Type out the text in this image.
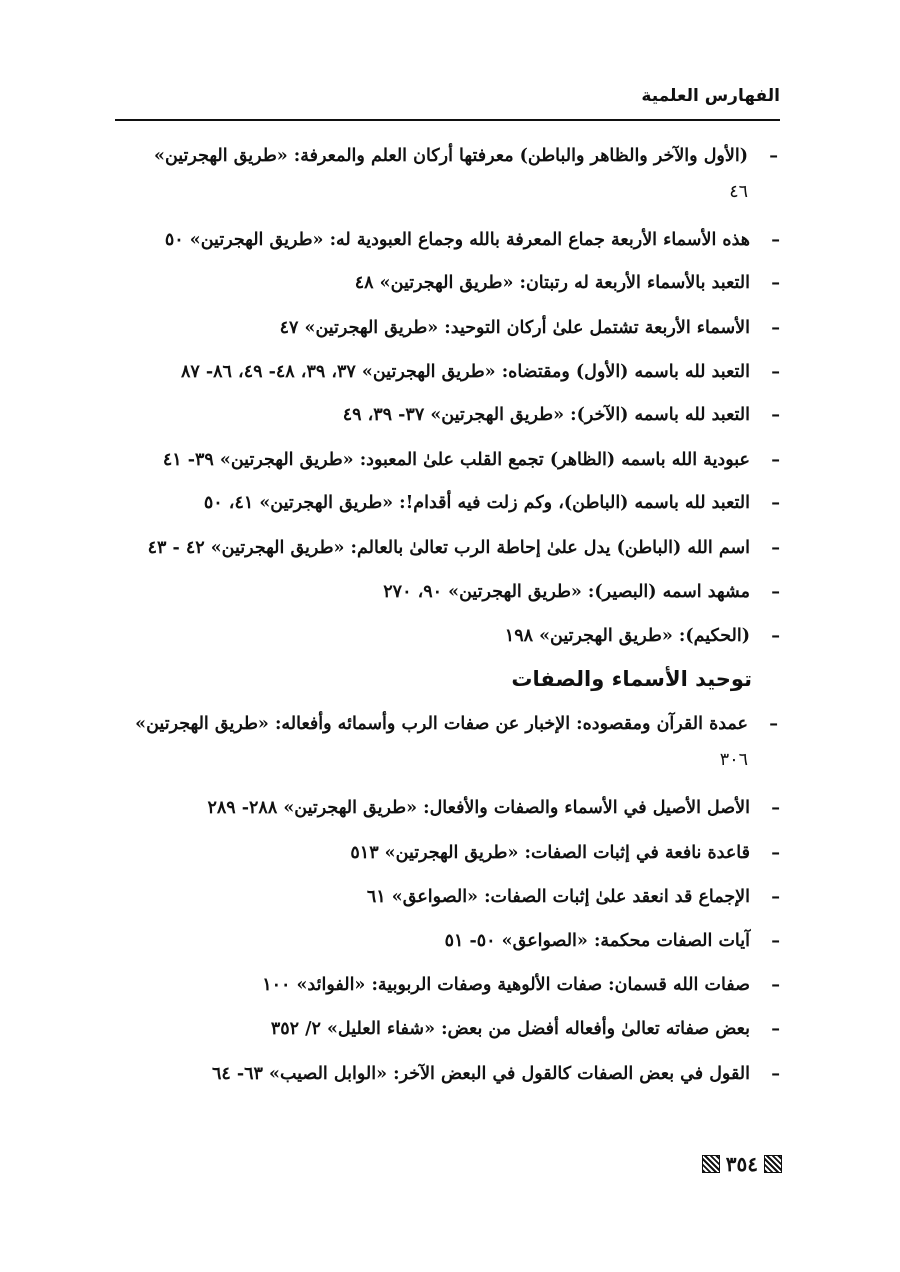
الفهارس العلمية
–
(الأول والآخر والظاهر والباطن) معرفتها أركان العلم والمعرفة: «طريق الهجرتين»
٤٦
–هذه الأسماء الأربعة جماع المعرفة بالله وجماع العبودية له: «طريق الهجرتين» ٥٠
–التعبد بالأسماء الأربعة له رتبتان: «طريق الهجرتين» ٤٨
–الأسماء الأربعة تشتمل علىٰ أركان التوحيد: «طريق الهجرتين» ٤٧
–التعبد لله باسمه (الأول) ومقتضاه: «طريق الهجرتين» ٣٧، ٣٩، ٤٨- ٤٩، ٨٦- ٨٧
–التعبد لله باسمه (الآخر): «طريق الهجرتين» ٣٧- ٣٩، ٤٩
–عبودية الله باسمه (الظاهر) تجمع القلب علىٰ المعبود: «طريق الهجرتين» ٣٩- ٤١
–التعبد لله باسمه (الباطن)، وكم زلت فيه أقدام!: «طريق الهجرتين» ٤١، ٥٠
–اسم الله (الباطن) يدل علىٰ إحاطة الرب تعالىٰ بالعالم: «طريق الهجرتين» ٤٢ - ٤٣
–مشهد اسمه (البصير): «طريق الهجرتين» ٩٠، ٢٧٠
–(الحكيم): «طريق الهجرتين» ١٩٨
توحيد الأسماء والصفات
–
عمدة القرآن ومقصوده: الإخبار عن صفات الرب وأسمائه وأفعاله: «طريق الهجرتين»
٣٠٦
–الأصل الأصيل في الأسماء والصفات والأفعال: «طريق الهجرتين» ٢٨٨- ٢٨٩
–قاعدة نافعة في إثبات الصفات: «طريق الهجرتين» ٥١٣
–الإجماع قد انعقد علىٰ إثبات الصفات: «الصواعق» ٦١
–آيات الصفات محكمة: «الصواعق» ٥٠- ٥١
–صفات الله قسمان: صفات الألوهية وصفات الربوبية: «الفوائد» ١٠٠
–بعض صفاته تعالىٰ وأفعاله أفضل من بعض: «شفاء العليل» ٢/ ٣٥٢
–القول في بعض الصفات كالقول في البعض الآخر: «الوابل الصيب» ٦٣- ٦٤
٣٥٤
